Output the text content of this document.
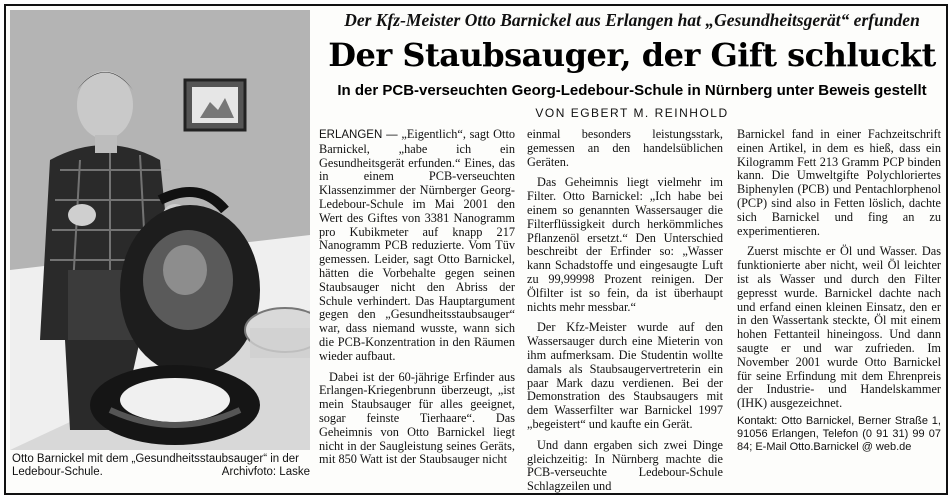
Otto Barnickel mit dem „Gesundheitsstaubsauger“ in der Ledebour-Schule.	Archivfoto: Laske
Der Kfz-Meister Otto Barnickel aus Erlangen hat „Gesundheitsgerät“ erfunden
Der Staubsauger, der Gift schluckt
In der PCB-verseuchten Georg-Ledebour-Schule in Nürnberg unter Beweis gestellt
VON EGBERT M. REINHOLD

ERLANGEN — „Eigentlich“, sagt Otto Barnickel, „habe ich ein Gesundheitsgerät erfunden.“ Eines, das in einem PCB-verseuchten Klassenzimmer der Nürnberger Georg-Ledebour-Schule im Mai 2001 den Wert des Giftes von 3381 Nanogramm pro Kubikmeter auf knapp 217 Nanogramm PCB reduzierte. Vom Tüv gemessen. Leider, sagt Otto Barnickel, hätten die Vorbehalte gegen seinen Staubsauger nicht den Abriss der Schule verhindert. Das Hauptargument gegen den „Gesundheitsstaubsauger“ war, dass niemand wusste, wann sich die PCB-Konzentration in den Räumen wieder aufbaut.

Dabei ist der 60-jährige Erfinder aus Erlangen-Kriegenbrunn überzeugt, „ist mein Staubsauger für alles geeignet, sogar feinste Tierhaare“. Das Geheimnis von Otto Barnickel liegt nicht in der Saugleistung seines Geräts, mit 850 Watt ist der Staubsauger nicht

einmal besonders leistungsstark, gemessen an den handelsüblichen Geräten.

Das Geheimnis liegt vielmehr im Filter. Otto Barnickel: „Ich habe bei einem so genannten Wassersauger die Filterflüssigkeit durch herkömmliches Pflanzenöl ersetzt.“ Den Unterschied beschreibt der Erfinder so: „Wasser kann Schadstoffe und eingesaugte Luft zu 99,99998 Prozent reinigen. Der Ölfilter ist so fein, da ist überhaupt nichts mehr messbar.“

Der Kfz-Meister wurde auf den Wassersauger durch eine Mieterin von ihm aufmerksam. Die Studentin wollte damals als Staubsaugervertreterin ein paar Mark dazu verdienen. Bei der Demonstration des Staubsaugers mit dem Wasserfilter war Barnickel 1997 „begeistert“ und kaufte ein Gerät.

Und dann ergaben sich zwei Dinge gleichzeitig: In Nürnberg machte die PCB-verseuchte Ledebour-Schule Schlagzeilen und

Barnickel fand in einer Fachzeitschrift einen Artikel, in dem es hieß, dass ein Kilogramm Fett 213 Gramm PCP binden kann. Die Umweltgifte Polychloriertes Biphenylen (PCB) und Pentachlorphenol (PCP) sind also in Fetten löslich, dachte sich Barnickel und fing an zu experimentieren.

Zuerst mischte er Öl und Wasser. Das funktionierte aber nicht, weil Öl leichter ist als Wasser und durch den Filter gepresst wurde. Barnickel dachte nach und erfand einen kleinen Einsatz, den er in den Wassertank steckte, Öl mit einem hohen Fettanteil hineingoss. Und dann saugte er und war zufrieden. Im November 2001 wurde Otto Barnickel für seine Erfindung mit dem Ehrenpreis der Industrie- und Handelskammer (IHK) ausgezeichnet.

Kontakt: Otto Barnickel, Berner Straße 1, 91056 Erlangen, Telefon (0 91 31) 99 07 84; E-Mail Otto.Barnickel @ web.de
